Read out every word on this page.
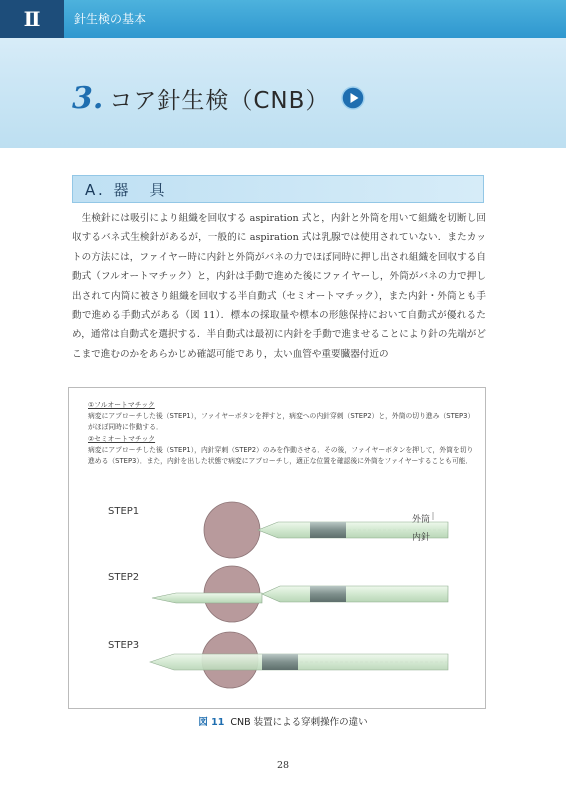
Ⅱ	針生検の基本
3. コア針生検（CNB）
A. 器　具

生検針には吸引により組織を回収する aspiration 式と，内針と外筒を用いて組織を切断し回収するバネ式生検針があるが，一般的に aspiration 式は乳腺では使用されていない．またカットの方法には，ファイヤー時に内針と外筒がバネの力でほぼ同時に押し出され組織を回収する自動式（フルオートマチック）と，内針は手動で進めた後にファイヤーし，外筒がバネの力で押し出されて内筒に被さり組織を回収する半自動式（セミオートマチック），また内針・外筒とも手動で進める手動式がある（図 11）．標本の採取量や標本の形態保持において自動式が優れるため，通常は自動式を選択する．半自動式は最初に内針を手動で進ませることにより針の先端がどこまで進むのかをあらかじめ確認可能であり，太い血管や重要臓器付近の

①フルオートマチック
病変にアプローチした後（STEP1），ファイヤーボタンを押すと，病変への内針穿刺（STEP2）と，外筒の切り進み（STEP3）がほぼ同時に作動する．
②セミオートマチック
病変にアプローチした後（STEP1），内針穿刺（STEP2）のみを作動させる．その後，ファイヤーボタンを押して，外筒を切り進める（STEP3）．また，内針を出した状態で病変にアプローチし，適正な位置を確認後に外筒をファイヤーすることも可能．
STEP1
外筒
内針
STEP2
STEP3
図 11 CNB 装置による穿刺操作の違い
28
